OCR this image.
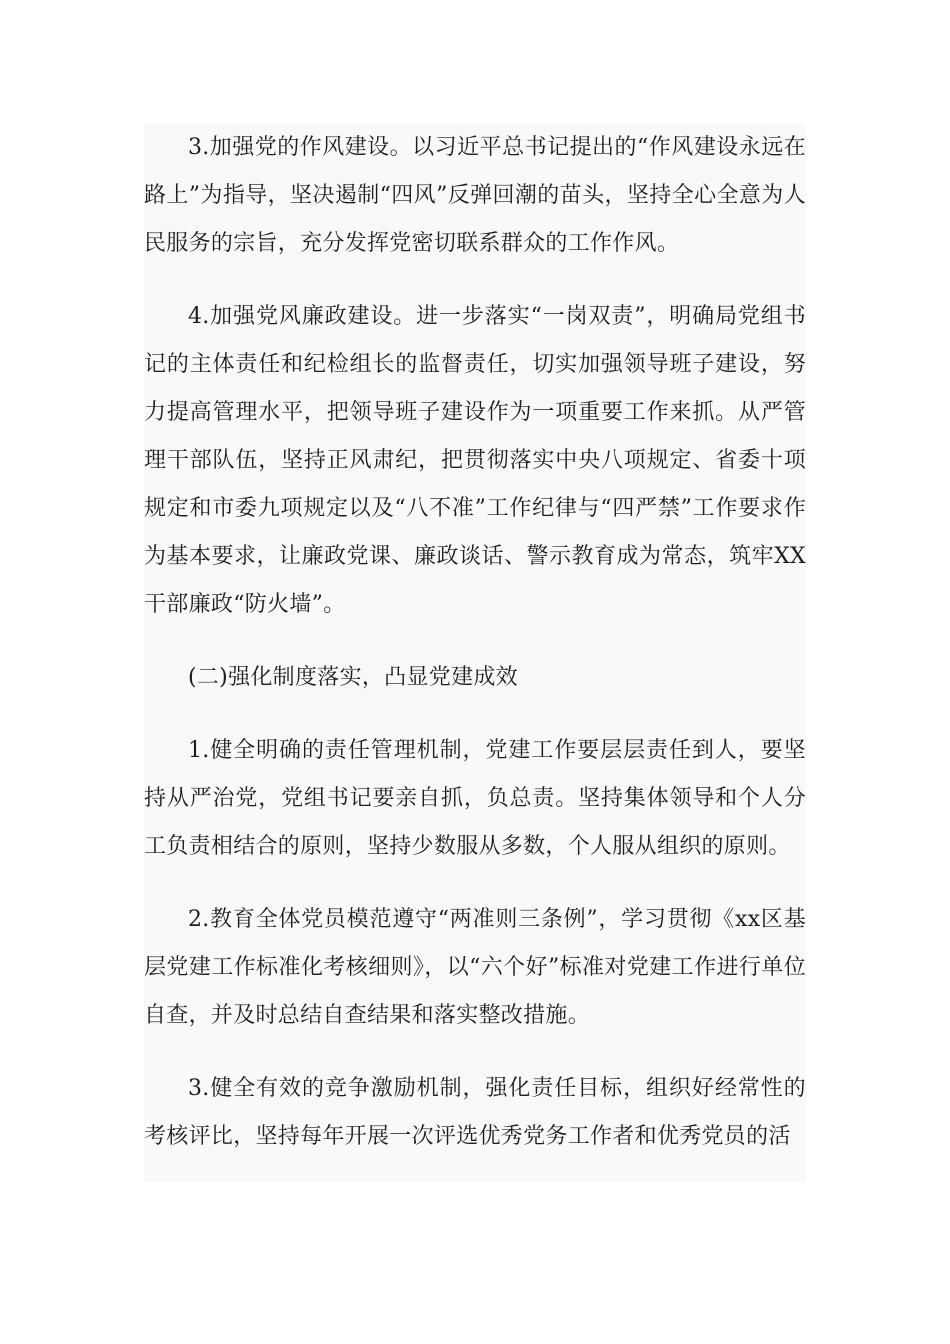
3.加强党的作风建设。以习近平总书记提出的“作风建设永远在路上”为指导，坚决遏制“四风”反弹回潮的苗头，坚持全心全意为人民服务的宗旨，充分发挥党密切联系群众的工作作风。

4.加强党风廉政建设。进一步落实“一岗双责”，明确局党组书记的主体责任和纪检组长的监督责任，切实加强领导班子建设，努力提高管理水平，把领导班子建设作为一项重要工作来抓。从严管理干部队伍，坚持正风肃纪，把贯彻落实中央八项规定、省委十项规定和市委九项规定以及“八不准”工作纪律与“四严禁”工作要求作为基本要求，让廉政党课、廉政谈话、警示教育成为常态，筑牢XX干部廉政“防火墙”。

(二)强化制度落实，凸显党建成效

1.健全明确的责任管理机制，党建工作要层层责任到人，要坚持从严治党，党组书记要亲自抓，负总责。坚持集体领导和个人分工负责相结合的原则，坚持少数服从多数，个人服从组织的原则。

2.教育全体党员模范遵守“两准则三条例”，学习贯彻《xx区基层党建工作标准化考核细则》，以“六个好”标准对党建工作进行单位自查，并及时总结自查结果和落实整改措施。

3.健全有效的竞争激励机制，强化责任目标，组织好经常性的考核评比，坚持每年开展一次评选优秀党务工作者和优秀党员的活
